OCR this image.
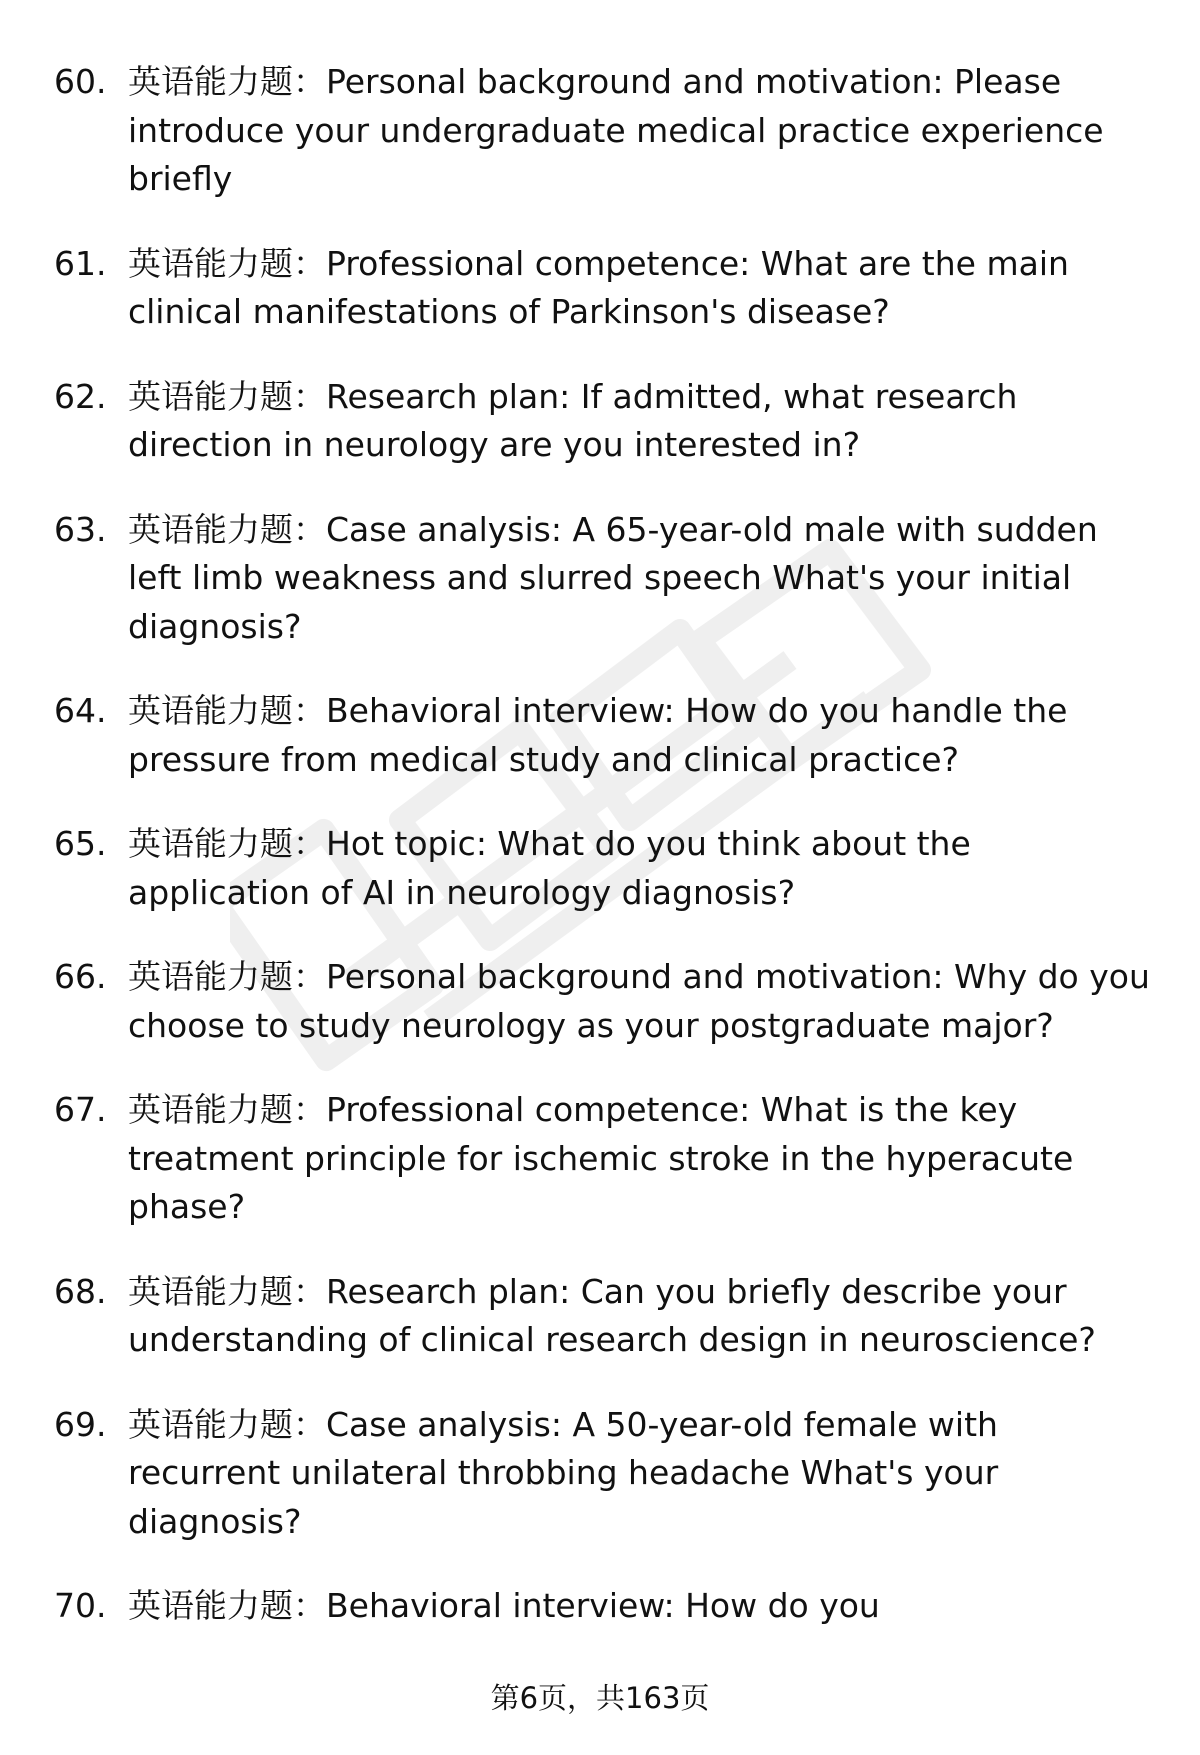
60. 英语能力题：Personal background and motivation: Please introduce your undergraduate medical practice experience briefly
61. 英语能力题：Professional competence: What are the main clinical manifestations of Parkinson's disease?
62. 英语能力题：Research plan: If admitted, what research direction in neurology are you interested in?
63. 英语能力题：Case analysis: A 65-year-old male with sudden left limb weakness and slurred speech What's your initial diagnosis?
64. 英语能力题：Behavioral interview: How do you handle the pressure from medical study and clinical practice?
65. 英语能力题：Hot topic: What do you think about the application of AI in neurology diagnosis?
66. 英语能力题：Personal background and motivation: Why do you choose to study neurology as your postgraduate major?
67. 英语能力题：Professional competence: What is the key treatment principle for ischemic stroke in the hyperacute phase?
68. 英语能力题：Research plan: Can you briefly describe your understanding of clinical research design in neuroscience?
69. 英语能力题：Case analysis: A 50-year-old female with recurrent unilateral throbbing headache What's your diagnosis?
70. 英语能力题：Behavioral interview: How do you
第6页，共163页
